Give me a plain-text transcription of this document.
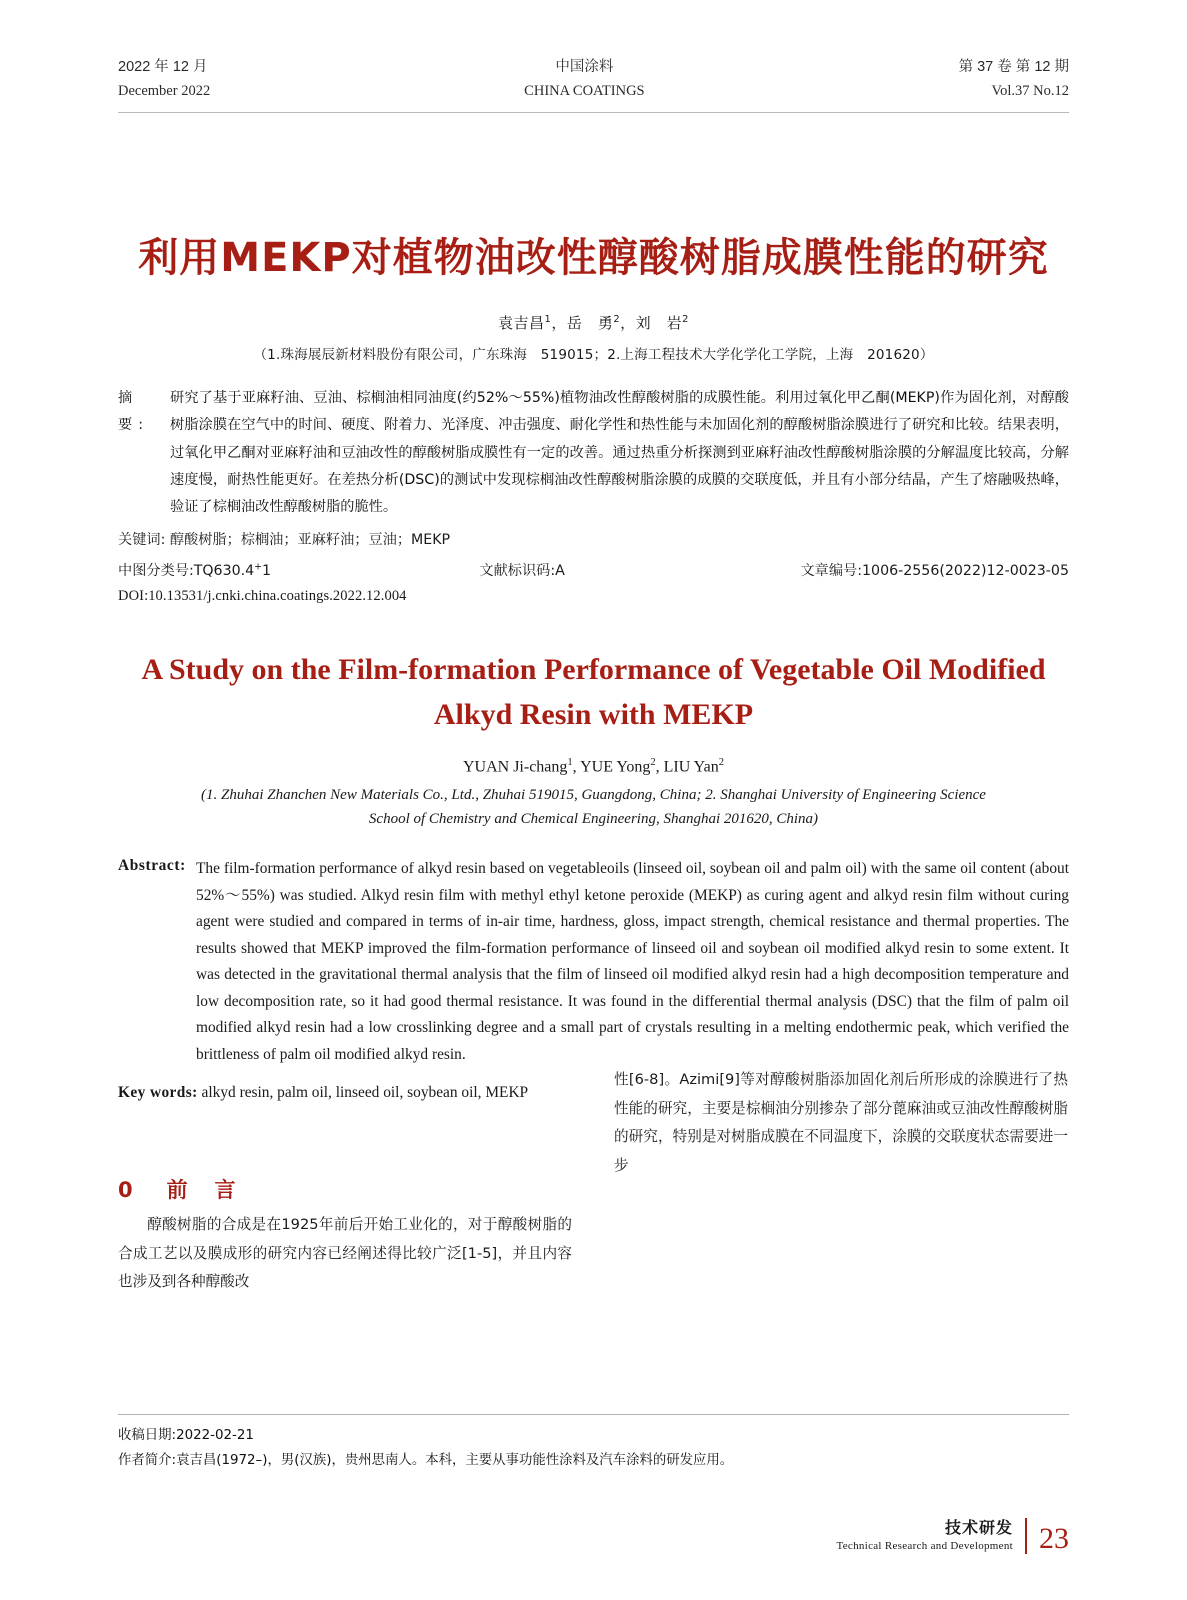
2022 年 12 月
December 2022
中国涂料
CHINA COATINGS
第 37 卷 第 12 期
Vol.37 No.12
利用MEKP对植物油改性醇酸树脂成膜性能的研究
袁吉昌$^1$，岳　勇$^2$，刘　岩$^2$
（1.珠海展辰新材料股份有限公司，广东珠海　519015；2.上海工程技术大学化学化工学院，上海　201620）
摘　要:
研究了基于亚麻籽油、豆油、棕榈油相同油度(约52%～55%)植物油改性醇酸树脂的成膜性能。利用过氧化甲乙酮(MEKP)作为固化剂，对醇酸树脂涂膜在空气中的时间、硬度、附着力、光泽度、冲击强度、耐化学性和热性能与未加固化剂的醇酸树脂涂膜进行了研究和比较。结果表明，过氧化甲乙酮对亚麻籽油和豆油改性的醇酸树脂成膜性有一定的改善。通过热重分析探测到亚麻籽油改性醇酸树脂涂膜的分解温度比较高，分解速度慢，耐热性能更好。在差热分析(DSC)的测试中发现棕榈油改性醇酸树脂涂膜的成膜的交联度低，并且有小部分结晶，产生了熔融吸热峰，验证了棕榈油改性醇酸树脂的脆性。
关键词: 醇酸树脂；棕榈油；亚麻籽油；豆油；MEKP
中图分类号:TQ630.4+1	文献标识码:A	文章编号:1006-2556(2022)12-0023-05
DOI:10.13531/j.cnki.china.coatings.2022.12.004
A Study on the Film-formation Performance of Vegetable Oil Modified Alkyd Resin with MEKP
YUAN Ji-chang$^1$, YUE Yong$^2$, LIU Yan$^2$
(1. Zhuhai Zhanchen New Materials Co., Ltd., Zhuhai 519015, Guangdong, China; 2. Shanghai University of Engineering Science
School of Chemistry and Chemical Engineering, Shanghai 201620, China)
Abstract: The film-formation performance of alkyd resin based on vegetableoils (linseed oil, soybean oil and palm oil) with the same oil content (about 52%～55%) was studied. Alkyd resin film with methyl ethyl ketone peroxide (MEKP) as curing agent and alkyd resin film without curing agent were studied and compared in terms of in-air time, hardness, gloss, impact strength, chemical resistance and thermal properties. The results showed that MEKP improved the film-formation performance of linseed oil and soybean oil modified alkyd resin to some extent. It was detected in the gravitational thermal analysis that the film of linseed oil modified alkyd resin had a high decomposition temperature and low decomposition rate, so it had good thermal resistance. It was found in the differential thermal analysis (DSC) that the film of palm oil modified alkyd resin had a low crosslinking degree and a small part of crystals resulting in a melting endothermic peak, which verified the brittleness of palm oil modified alkyd resin.
Key words: alkyd resin, palm oil, linseed oil, soybean oil, MEKP
0 前　言

醇酸树脂的合成是在1925年前后开始工业化的，对于醇酸树脂的合成工艺以及膜成形的研究内容已经阐述得比较广泛[1-5]，并且内容也涉及到各种醇酸改

性[6-8]。Azimi[9]等对醇酸树脂添加固化剂后所形成的涂膜进行了热性能的研究，主要是棕榈油分别掺杂了部分蓖麻油或豆油改性醇酸树脂的研究，特别是对树脂成膜在不同温度下，涂膜的交联度状态需要进一步

收稿日期:2022-02-21
作者简介:袁吉昌(1972–)，男(汉族)，贵州思南人。本科，主要从事功能性涂料及汽车涂料的研发应用。
技术研发
Technical Research and Development 23
